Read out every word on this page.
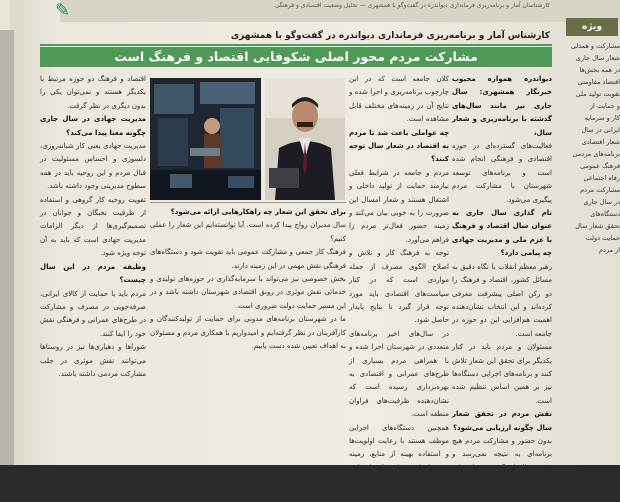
کارشناسان آمار و برنامه‌ریزی فرمانداری دیواندره در گفت‌وگو با همشهری — تحلیل وضعیت اقتصادی و فرهنگی
✎
ویژه
کارشناس آمار و برنامه‌ریزی فرمانداری دیواندره در گفت‌وگو با همشهری
مشارکت مردم محور اصلی شکوفایی اقتصاد و فرهنگ است

دیواندره همواره محبوب خبرنگار همشهری: سال جاری نیز مانند سال‌های گذشته با برنامه‌ریزی و شعار سال،

فعالیت‌های گسترده‌ای در حوزه اقتصادی و فرهنگی انجام شده است و برنامه‌های توسعه شهرستان با مشارکت مردم پیگیری می‌شود.

نام گذاری سال جاری به عنوان سال اقتصاد و فرهنگ با عزم ملی و مدیریت جهادی چه پیامی دارد؟

رهبر معظم انقلاب با نگاه دقیق به مسائل کشور، اقتصاد و فرهنگ را دو رکن اصلی پیشرفت معرفی کرده‌اند و این انتخاب نشان‌دهنده اهمیت هم‌افزایی این دو حوزه در جامعه است.

مسئولان و مردم باید در کنار یکدیگر برای تحقق این شعار تلاش کنند و برنامه‌های اجرایی دستگاه‌ها نیز بر همین اساس تنظیم شده است.

نقش مردم در تحقق شعار سال چگونه ارزیابی می‌شود؟

بدون حضور و مشارکت مردم هیچ برنامه‌ای به نتیجه نمی‌رسد و تجربه سال‌های گذشته نشان داده است که همراهی مردم عامل اصلی موفقیت بوده است.

کلان جامعه است که در این چارچوب برنامه‌ریزی و اجرا شده و نتایج آن در زمینه‌های مختلف قابل مشاهده است.

چه عواملی باعث شد تا مردم به اقتصاد در شعار سال توجه کنند؟

مردم و جامعه در شرایط فعلی نیازمند حمایت از تولید داخلی و اشتغال هستند و شعار امسال این ضرورت را به خوبی بیان می‌کند و زمینه حضور فعال‌تر مردم را فراهم می‌آورد.

توجه به فرهنگ کار و تلاش و اصلاح الگوی مصرف از جمله مواردی است که در کنار سیاست‌های اقتصادی باید مورد توجه قرار گیرد تا نتایج پایدار حاصل شود.

در سال‌های اخیر برنامه‌های متعددی در شهرستان اجرا شده و با همراهی مردم بسیاری از طرح‌های عمرانی و اقتصادی به بهره‌برداری رسیده است که نشان‌دهنده ظرفیت‌های فراوان منطقه است.

همچنین دستگاه‌های اجرایی موظف هستند با رعایت اولویت‌ها و استفاده بهینه از منابع، زمینه تحقق اهداف شعار سال را فراهم کنند و گزارش عملکرد خود را ارائه دهند.

برای تحقق این شعار چه راهکارهایی ارائه می‌شود؟

سال مدیران رواج پیدا کرده است. آیا توانسته‌ایم این شعار را عملی کنیم؟

فرهنگ کار جمعی و مشارکت عمومی باید تقویت شود و دستگاه‌های فرهنگی نقش مهمی در این زمینه دارند.

بخش خصوصی نیز می‌تواند با سرمایه‌گذاری در حوزه‌های تولیدی و خدماتی نقش موثری در رونق اقتصادی شهرستان داشته باشد و در این مسیر حمایت دولت ضروری است.

ما در شهرستان برنامه‌های مدونی برای حمایت از تولیدکنندگان و کارآفرینان در نظر گرفته‌ایم و امیدواریم با همکاری مردم و مسئولان به اهداف تعیین شده دست یابیم.

اقتصاد و فرهنگ دو حوزه مرتبط با یکدیگر هستند و نمی‌توان یکی را بدون دیگری در نظر گرفت.

مدیریت جهادی در سال جاری چگونه معنا پیدا می‌کند؟

مدیریت جهادی یعنی کار شبانه‌روزی، دلسوزی و احساس مسئولیت در قبال مردم و این روحیه باید در همه سطوح مدیریتی وجود داشته باشد.

تقویت روحیه کار گروهی و استفاده از ظرفیت نخبگان و جوانان در تصمیم‌گیری‌ها از دیگر الزامات مدیریت جهادی است که باید به آن توجه ویژه شود.

وظیفه مردم در این سال چیست؟

مردم باید با حمایت از کالای ایرانی، صرفه‌جویی در مصرف و مشارکت در طرح‌های عمرانی و فرهنگی نقش خود را ایفا کنند.

شوراها و دهیاری‌ها نیز در روستاها می‌توانند نقش موثری در جلب مشارکت مردمی داشته باشند.

مشارکت و همدلی

شعار سال جاری

در همه بخش‌ها

اقتصاد مقاومتی

تقویت تولید ملی

و حمایت از

کار و سرمایه

ایرانی در سال

شعار اقتصادی

برنامه‌های مردمی

فرهنگ عمومی

رفاه اجتماعی

مشارکت مردم

در سال جاری

دستگاه‌های

تحقق شعار سال

حمایت دولت

از مردم
